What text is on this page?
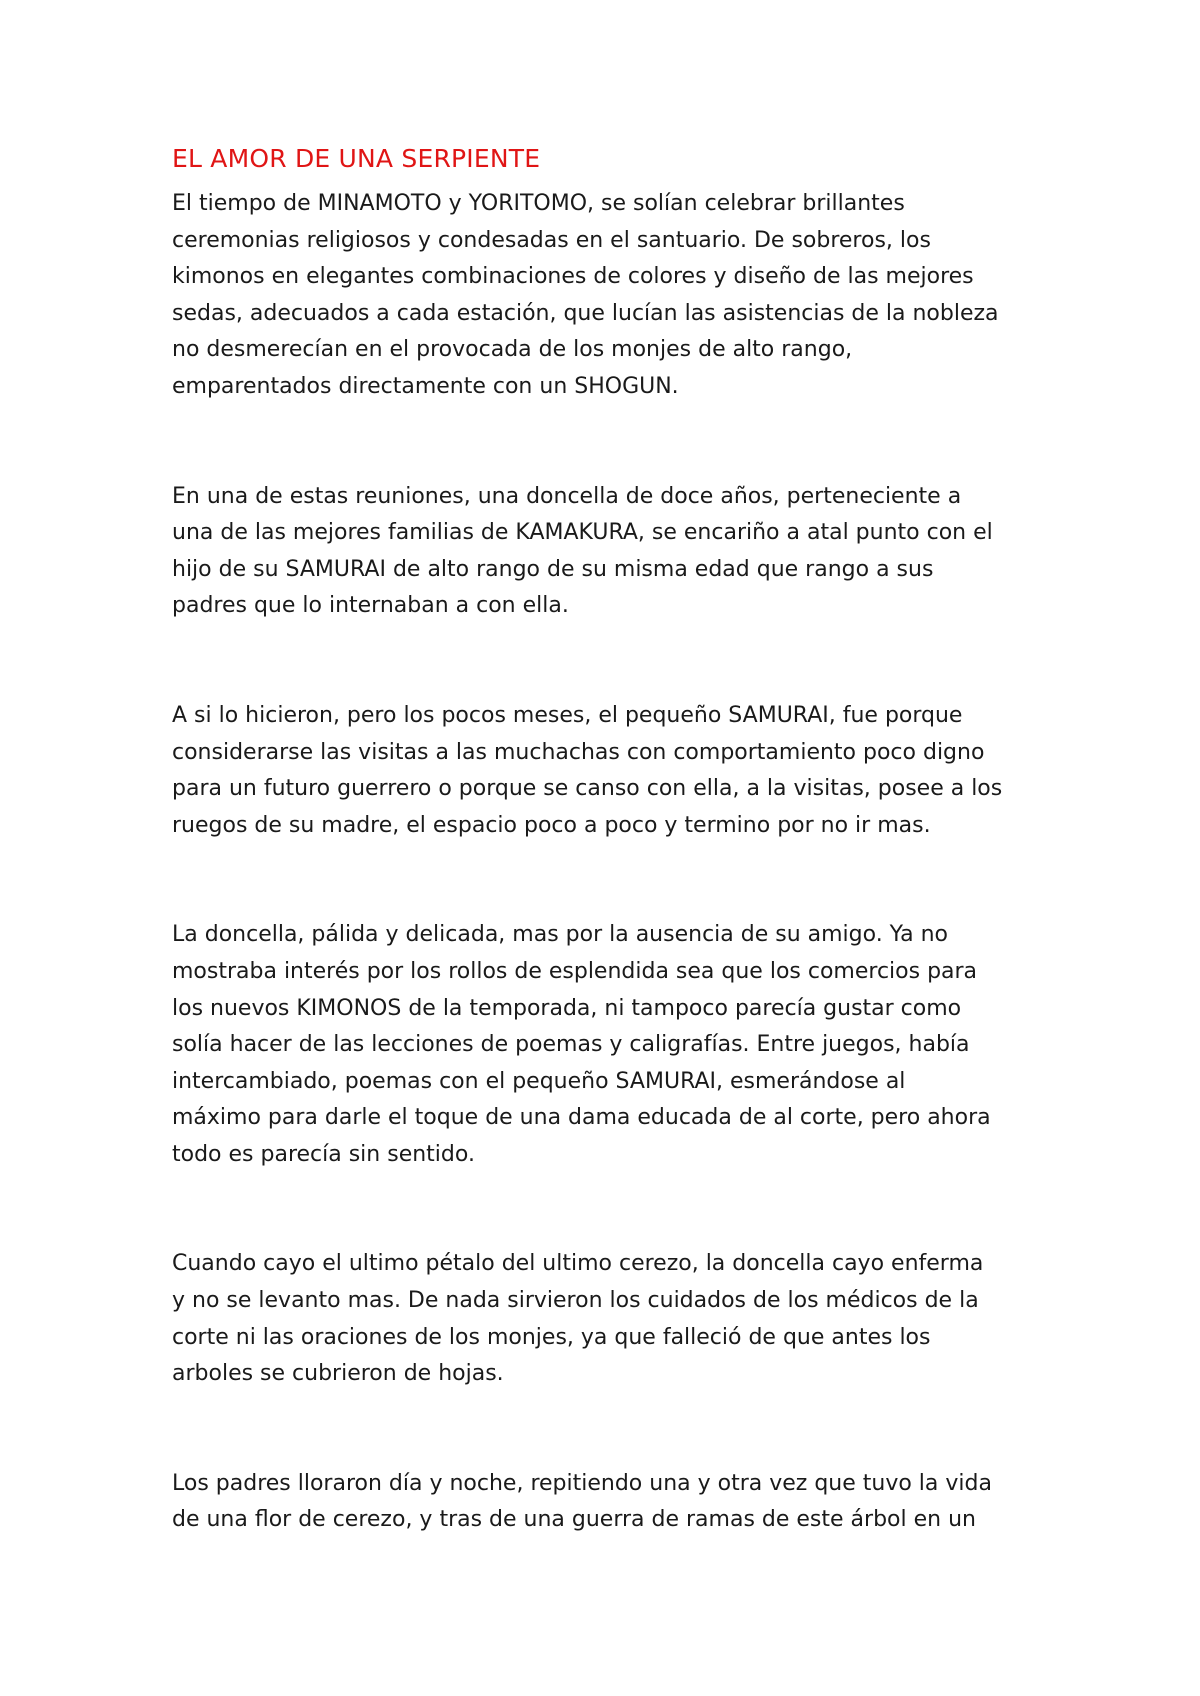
EL AMOR DE UNA SERPIENTE

El tiempo de MINAMOTO y YORITOMO, se solían celebrar brillantes
ceremonias religiosos y condesadas en el santuario. De sobreros, los
kimonos en elegantes combinaciones de colores y diseño de las mejores
sedas, adecuados a cada estación, que lucían las asistencias de la nobleza
no desmerecían en el provocada de los monjes de alto rango,
emparentados directamente con un SHOGUN.

En una de estas reuniones, una doncella de doce años, perteneciente a
una de las mejores familias de KAMAKURA, se encariño a atal punto con el
hijo de su SAMURAI de alto rango de su misma edad que rango a sus
padres que lo internaban a con ella.

A si lo hicieron, pero los pocos meses, el pequeño SAMURAI, fue porque
considerarse las visitas a las muchachas con comportamiento poco digno
para un futuro guerrero o porque se canso con ella, a la visitas, posee a los
ruegos de su madre, el espacio poco a poco y termino por no ir mas.

La doncella, pálida y delicada, mas por la ausencia de su amigo. Ya no
mostraba interés por los rollos de esplendida sea que los comercios para
los nuevos KIMONOS de la temporada, ni tampoco parecía gustar como
solía hacer de las lecciones de poemas y caligrafías. Entre juegos, había
intercambiado, poemas con el pequeño SAMURAI, esmerándose al
máximo para darle el toque de una dama educada de al corte, pero ahora
todo es parecía sin sentido.

Cuando cayo el ultimo pétalo del ultimo cerezo, la doncella cayo enferma
y no se levanto mas. De nada sirvieron los cuidados de los médicos de la
corte ni las oraciones de los monjes, ya que falleció de que antes los
arboles se cubrieron de hojas.

Los padres lloraron día y noche, repitiendo una y otra vez que tuvo la vida
de una flor de cerezo, y tras de una guerra de ramas de este árbol en un
